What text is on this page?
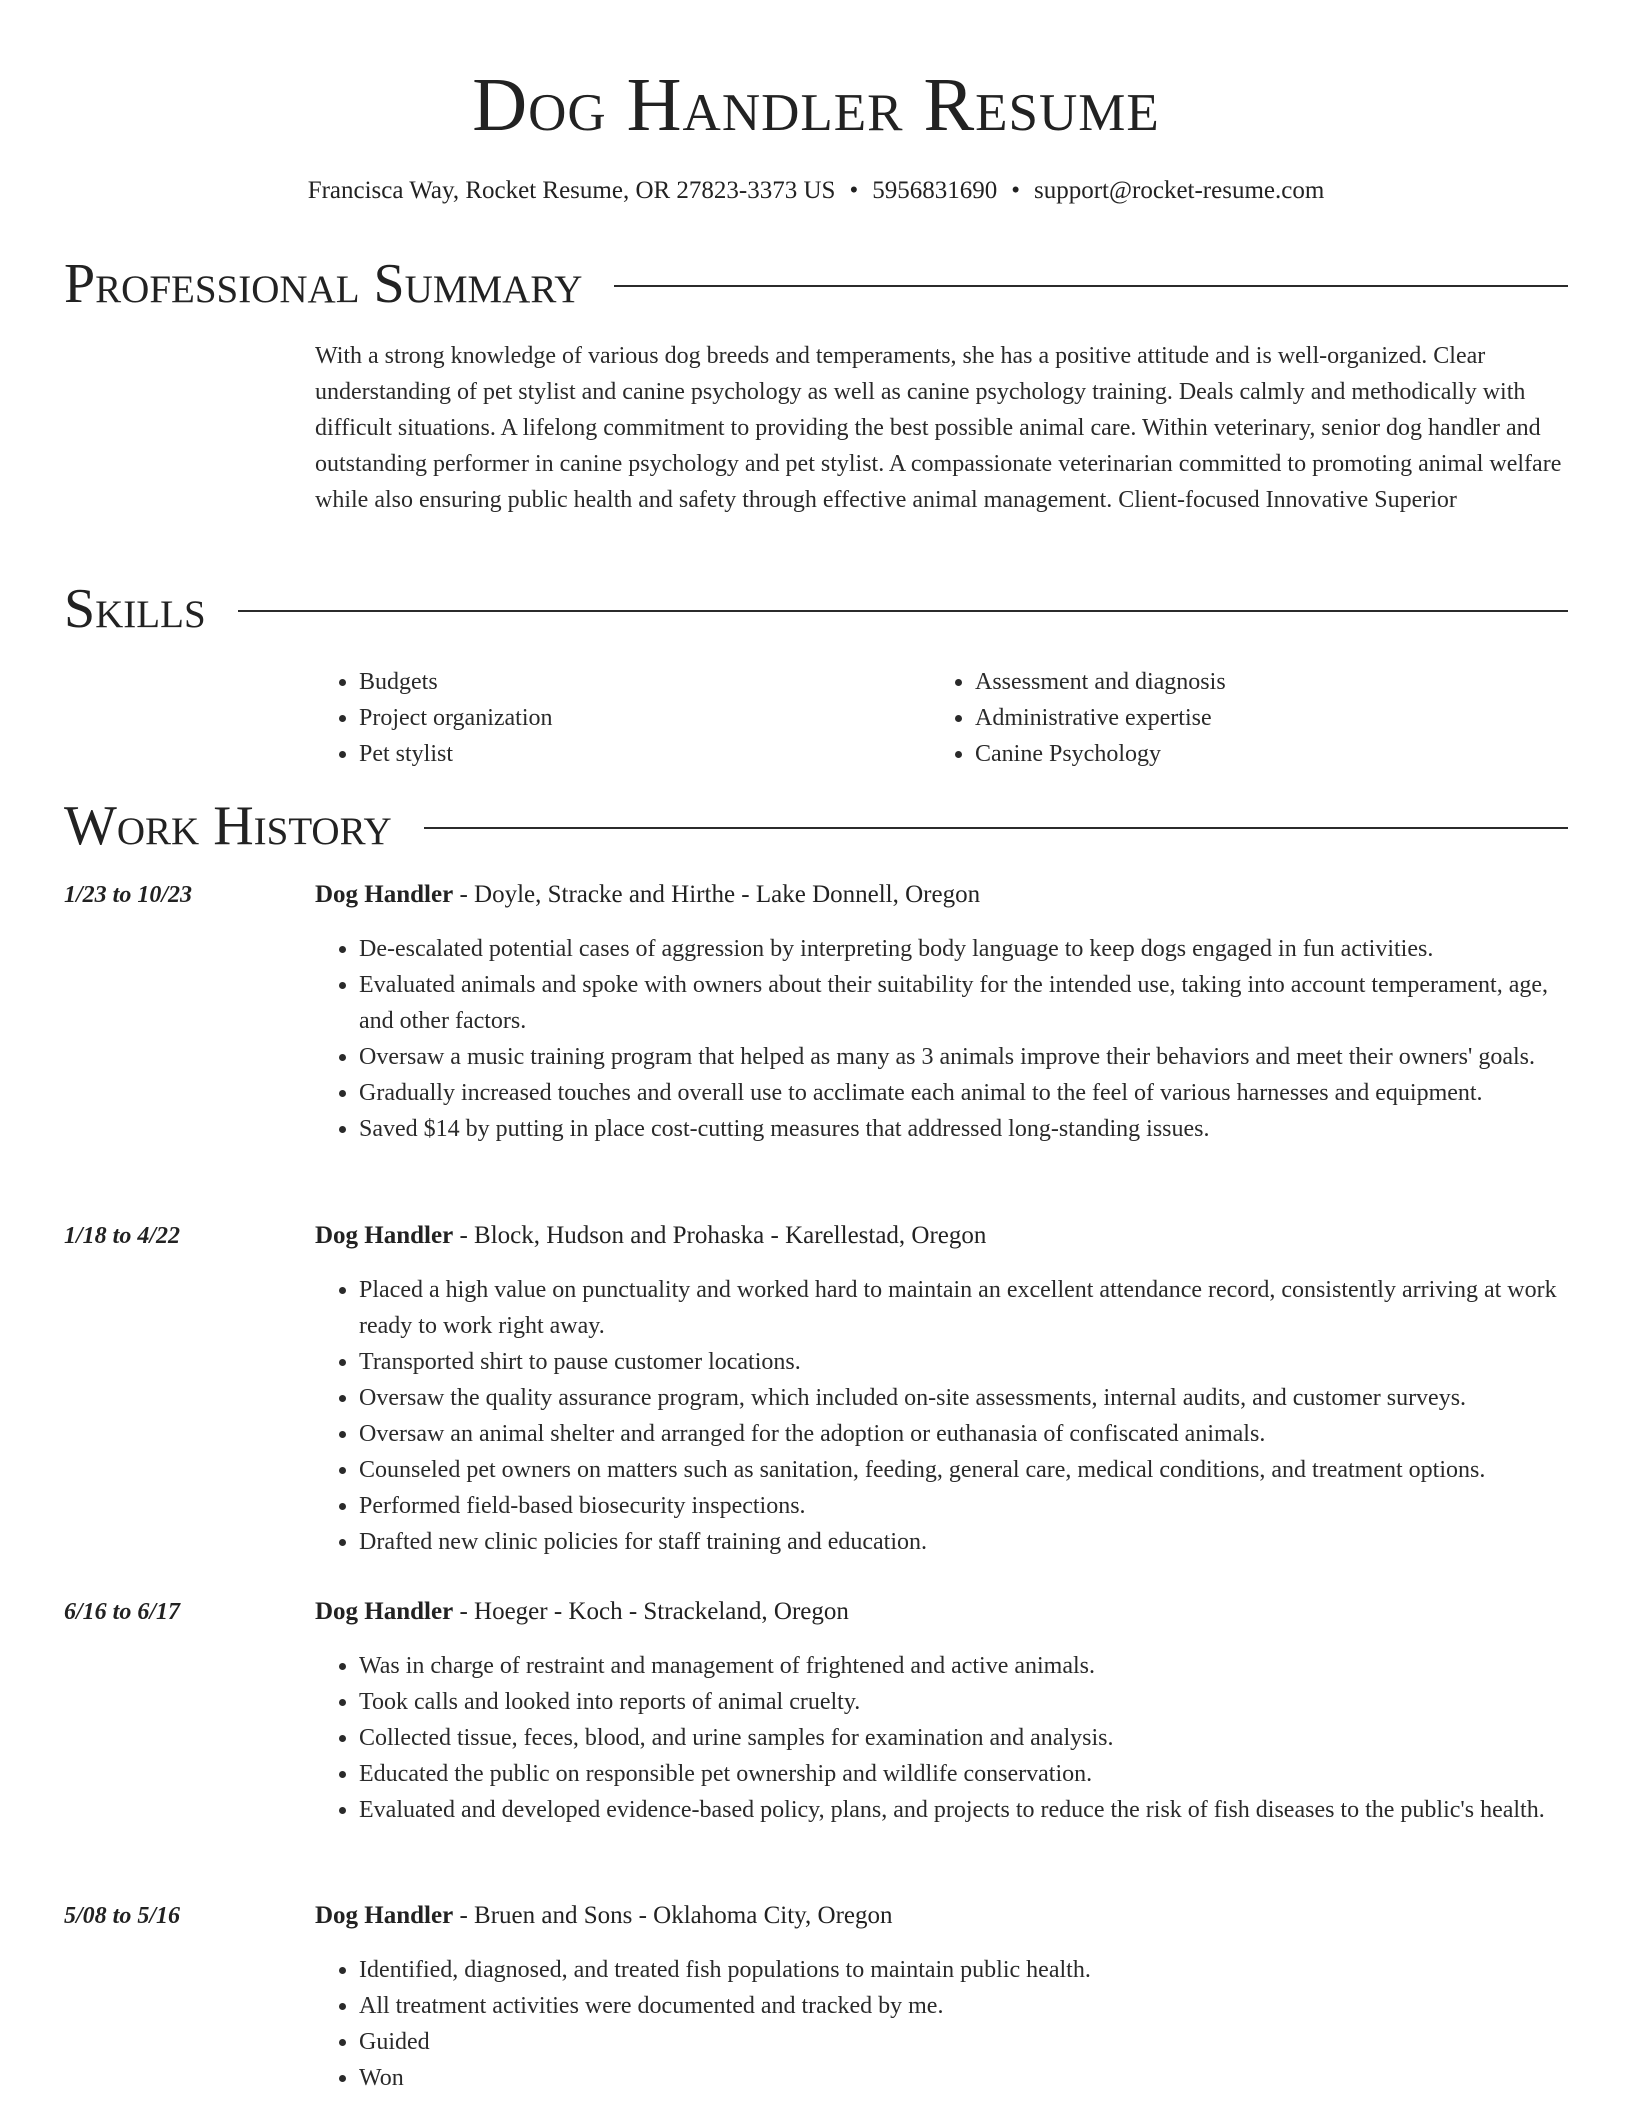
Dog Handler Resume
Francisca Way, Rocket Resume, OR 27823-3373 US • 5956831690 • support@rocket-resume.com
Professional Summary

With a strong knowledge of various dog breeds and temperaments, she has a positive attitude and is well-organized. Clear understanding of pet stylist and canine psychology as well as canine psychology training. Deals calmly and methodically with difficult situations. A lifelong commitment to providing the best possible animal care. Within veterinary, senior dog handler and outstanding performer in canine psychology and pet stylist. A compassionate veterinarian committed to promoting animal welfare while also ensuring public health and safety through effective animal management. Client-focused Innovative Superior

Skills
• Budgets
• Project organization
• Pet stylist
• Assessment and diagnosis
• Administrative expertise
• Canine Psychology
Work History
1/23 to 10/23	Dog Handler - Doyle, Stracke and Hirthe - Lake Donnell, Oregon
• De-escalated potential cases of aggression by interpreting body language to keep dogs engaged in fun activities.
• Evaluated animals and spoke with owners about their suitability for the intended use, taking into account temperament, age, and other factors.
• Oversaw a music training program that helped as many as 3 animals improve their behaviors and meet their owners' goals.
• Gradually increased touches and overall use to acclimate each animal to the feel of various harnesses and equipment.
• Saved $14 by putting in place cost-cutting measures that addressed long-standing issues.
1/18 to 4/22	Dog Handler - Block, Hudson and Prohaska - Karellestad, Oregon
• Placed a high value on punctuality and worked hard to maintain an excellent attendance record, consistently arriving at work ready to work right away.
• Transported shirt to pause customer locations.
• Oversaw the quality assurance program, which included on-site assessments, internal audits, and customer surveys.
• Oversaw an animal shelter and arranged for the adoption or euthanasia of confiscated animals.
• Counseled pet owners on matters such as sanitation, feeding, general care, medical conditions, and treatment options.
• Performed field-based biosecurity inspections.
• Drafted new clinic policies for staff training and education.
6/16 to 6/17	Dog Handler - Hoeger - Koch - Strackeland, Oregon
• Was in charge of restraint and management of frightened and active animals.
• Took calls and looked into reports of animal cruelty.
• Collected tissue, feces, blood, and urine samples for examination and analysis.
• Educated the public on responsible pet ownership and wildlife conservation.
• Evaluated and developed evidence-based policy, plans, and projects to reduce the risk of fish diseases to the public's health.
5/08 to 5/16	Dog Handler - Bruen and Sons - Oklahoma City, Oregon
• Identified, diagnosed, and treated fish populations to maintain public health.
• All treatment activities were documented and tracked by me.
• Guided
• Won
